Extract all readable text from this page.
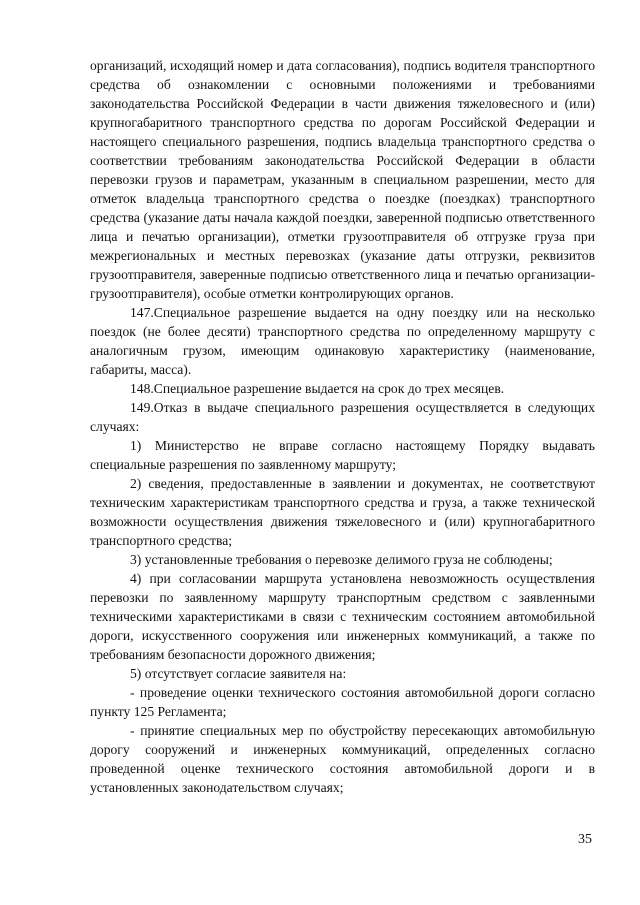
организаций, исходящий номер и дата согласования), подпись водителя транспортного средства об ознакомлении с основными положениями и требованиями законодательства Российской Федерации в части движения тяжеловесного и (или) крупногабаритного транспортного средства по дорогам Российской Федерации и настоящего специального разрешения, подпись владельца транспортного средства о соответствии требованиям законодательства Российской Федерации в области перевозки грузов и параметрам, указанным в специальном разрешении, место для отметок владельца транспортного средства о поездке (поездках) транспортного средства (указание даты начала каждой поездки, заверенной подписью ответственного лица и печатью организации), отметки грузоотправителя об отгрузке груза при межрегиональных и местных перевозках (указание даты отгрузки, реквизитов грузоотправителя, заверенные подписью ответственного лица и печатью организации-грузоотправителя), особые отметки контролирующих органов.

147.Специальное разрешение выдается на одну поездку или на несколько поездок (не более десяти) транспортного средства по определенному маршруту с аналогичным грузом, имеющим одинаковую характеристику (наименование, габариты, масса).

148.Специальное разрешение выдается на срок до трех месяцев.

149.Отказ в выдаче специального разрешения осуществляется в следующих случаях:

1) Министерство не вправе согласно настоящему Порядку выдавать специальные разрешения по заявленному маршруту;

2) сведения, предоставленные в заявлении и документах, не соответствуют техническим характеристикам транспортного средства и груза, а также технической возможности осуществления движения тяжеловесного и (или) крупногабаритного транспортного средства;

3) установленные требования о перевозке делимого груза не соблюдены;

4) при согласовании маршрута установлена невозможность осуществления перевозки по заявленному маршруту транспортным средством с заявленными техническими характеристиками в связи с техническим состоянием автомобильной дороги, искусственного сооружения или инженерных коммуникаций, а также по требованиям безопасности дорожного движения;

5) отсутствует согласие заявителя на:

- проведение оценки технического состояния автомобильной дороги согласно пункту 125 Регламента;

- принятие специальных мер по обустройству пересекающих автомобильную дорогу сооружений и инженерных коммуникаций, определенных согласно проведенной оценке технического состояния автомобильной дороги и в установленных законодательством случаях;

35
